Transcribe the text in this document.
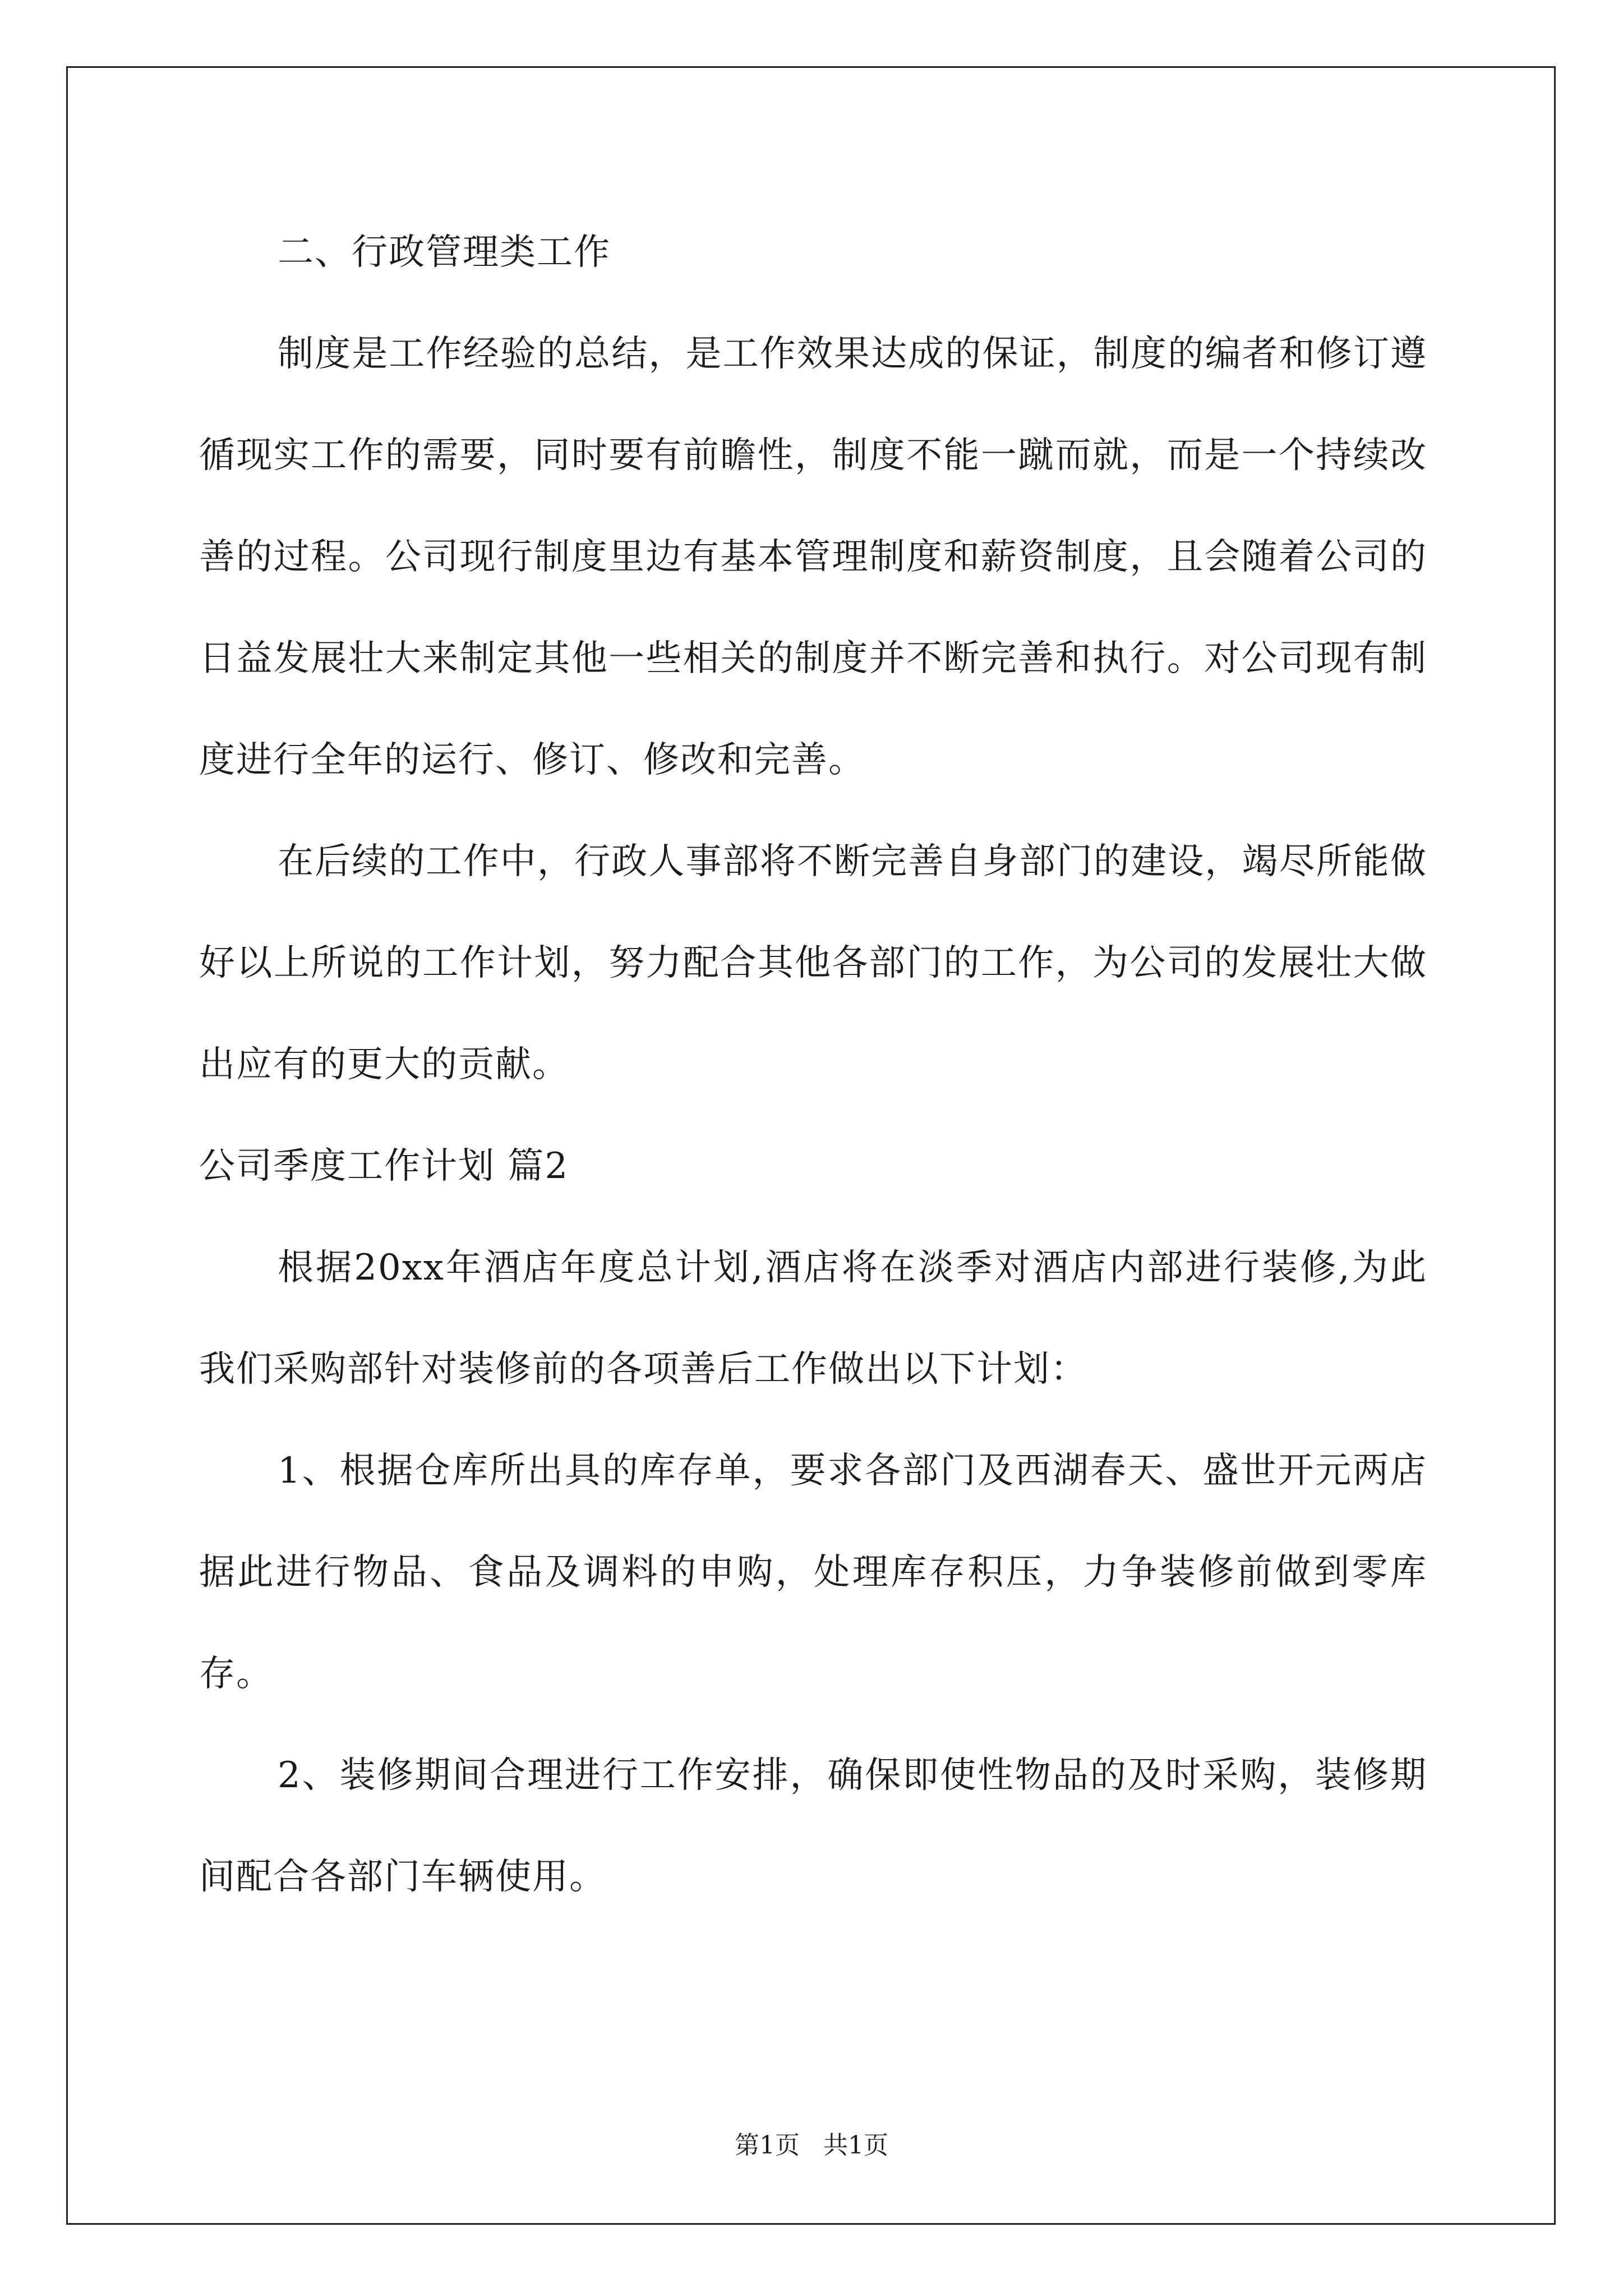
二、行政管理类工作

制度是工作经验的总结，是工作效果达成的保证，制度的编者和修订遵循现实工作的需要，同时要有前瞻性，制度不能一蹴而就，而是一个持续改善的过程。公司现行制度里边有基本管理制度和薪资制度，且会随着公司的日益发展壮大来制定其他一些相关的制度并不断完善和执行。对公司现有制度进行全年的运行、修订、修改和完善。

在后续的工作中，行政人事部将不断完善自身部门的建设，竭尽所能做好以上所说的工作计划，努力配合其他各部门的工作，为公司的发展壮大做出应有的更大的贡献。

公司季度工作计划 篇2

根据20xx年酒店年度总计划,酒店将在淡季对酒店内部进行装修,为此我们采购部针对装修前的各项善后工作做出以下计划：

1、根据仓库所出具的库存单，要求各部门及西湖春天、盛世开元两店据此进行物品、食品及调料的申购，处理库存积压，力争装修前做到零库存。

2、装修期间合理进行工作安排，确保即使性物品的及时采购，装修期间配合各部门车辆使用。

第1页 共1页
